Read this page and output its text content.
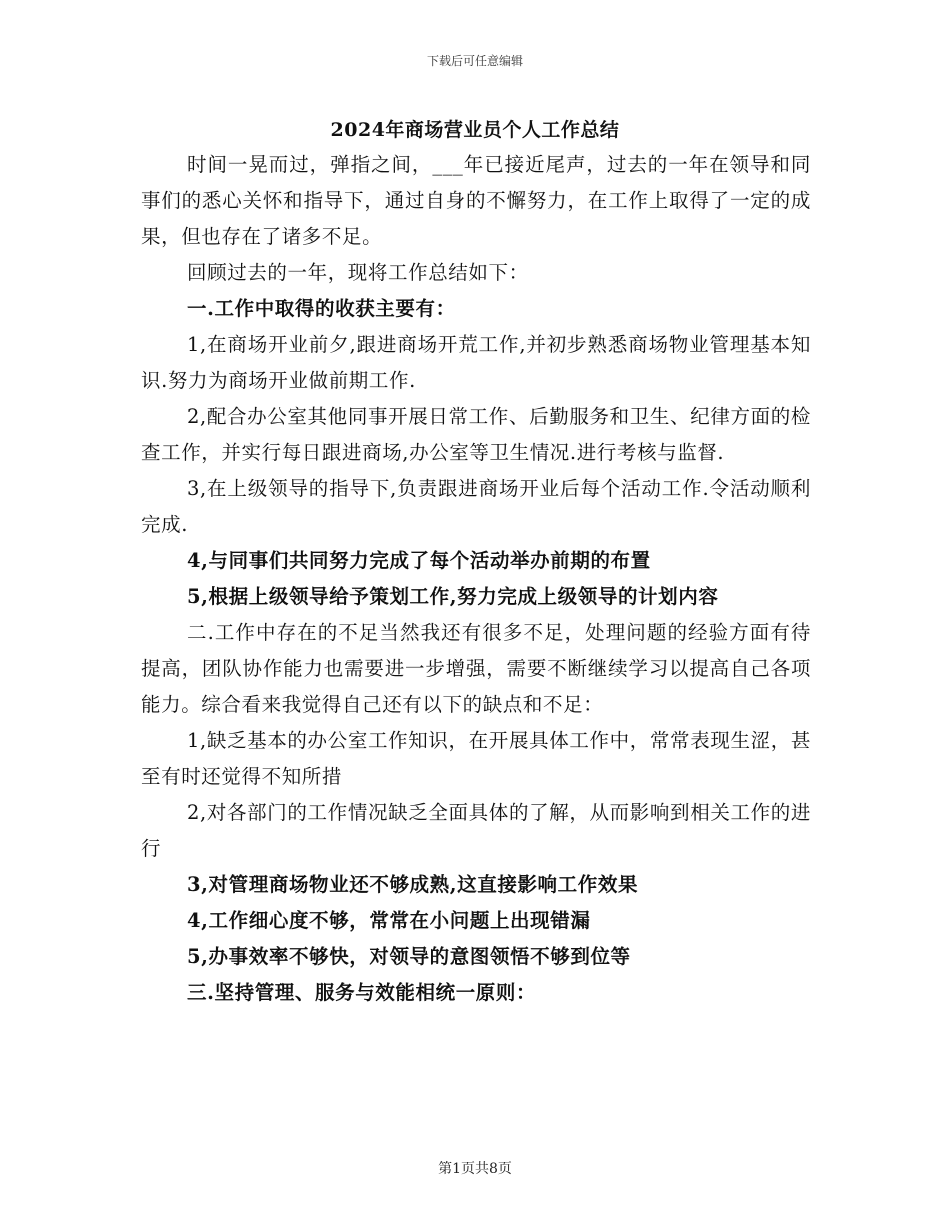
下载后可任意编辑
2024年商场营业员个人工作总结

时间一晃而过，弹指之间，___年已接近尾声，过去的一年在领导和同事们的悉心关怀和指导下，通过自身的不懈努力，在工作上取得了一定的成果，但也存在了诸多不足。

回顾过去的一年，现将工作总结如下：

一.工作中取得的收获主要有：

1,在商场开业前夕,跟进商场开荒工作,并初步熟悉商场物业管理基本知识.努力为商场开业做前期工作.

2,配合办公室其他同事开展日常工作、后勤服务和卫生、纪律方面的检查工作，并实行每日跟进商场,办公室等卫生情况.进行考核与监督.

3,在上级领导的指导下,负责跟进商场开业后每个活动工作.令活动顺利完成.

4,与同事们共同努力完成了每个活动举办前期的布置

5,根据上级领导给予策划工作,努力完成上级领导的计划内容

二.工作中存在的不足当然我还有很多不足，处理问题的经验方面有待提高，团队协作能力也需要进一步增强，需要不断继续学习以提高自己各项能力。综合看来我觉得自己还有以下的缺点和不足：

1,缺乏基本的办公室工作知识，在开展具体工作中，常常表现生涩，甚至有时还觉得不知所措

2,对各部门的工作情况缺乏全面具体的了解，从而影响到相关工作的进行

3,对管理商场物业还不够成熟,这直接影响工作效果

4,工作细心度不够，常常在小问题上出现错漏

5,办事效率不够快，对领导的意图领悟不够到位等

三.坚持管理、服务与效能相统一原则：

第1页共8页
